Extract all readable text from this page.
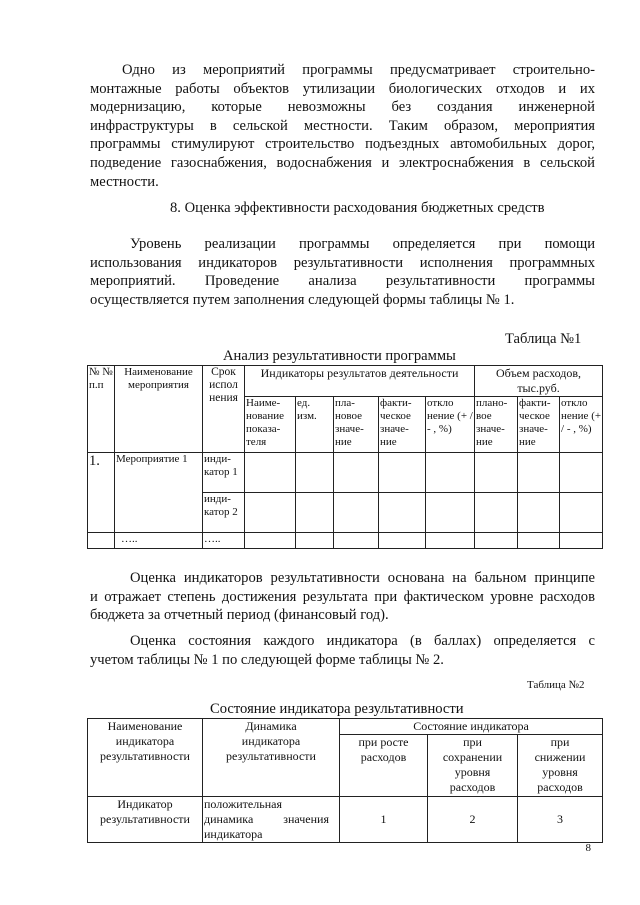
Одно из мероприятий программы предусматривает строительно-
монтажные работы объектов утилизации биологических отходов и их
модернизацию, которые невозможны без создания инженерной
инфраструктуры в сельской местности. Таким образом, мероприятия
программы стимулируют строительство подъездных автомобильных дорог,
подведение газоснабжения, водоснабжения и электроснабжения в сельской
местности.
8. Оценка эффективности расходования бюджетных средств
Уровень реализации программы определяется при помощи
использования индикаторов результативности исполнения программных
мероприятий. Проведение анализа результативности программы
осуществляется путем заполнения следующей формы таблицы № 1.
Таблица №1
Анализ результативности программы
№ № п.п	Наименование мероприятия	Срок испол нения	Индикаторы результатов деятельности					Объем расходов, тыс.руб.		
			Наиме- нование показа- теля	ед. изм.	пла- новое значе- ние	факти- ческое значе- ние	откло нение (+ / - , %)	плано- вое значе- ние	факти- ческое значе- ние	откло нение (+ / - , %)
1.	Мероприятие 1	инди- катор 1								
		инди- катор 2								
	…..	…..								
Оценка индикаторов результативности основана на бальном принципе
и отражает степень достижения результата при фактическом уровне расходов
бюджета за отчетный период (финансовый год).
Оценка состояния каждого индикатора (в баллах) определяется с
учетом таблицы № 1 по следующей форме таблицы № 2.
Таблица №2
Состояние индикатора результативности
Наименование индикатора результативности	Динамика индикатора результативности	Состояние индикатора		
		при росте расходов	при сохранении уровня расходов	при снижении уровня расходов
Индикатор результативности	положительная
динамика значения
индикатора	1	2	3
8
